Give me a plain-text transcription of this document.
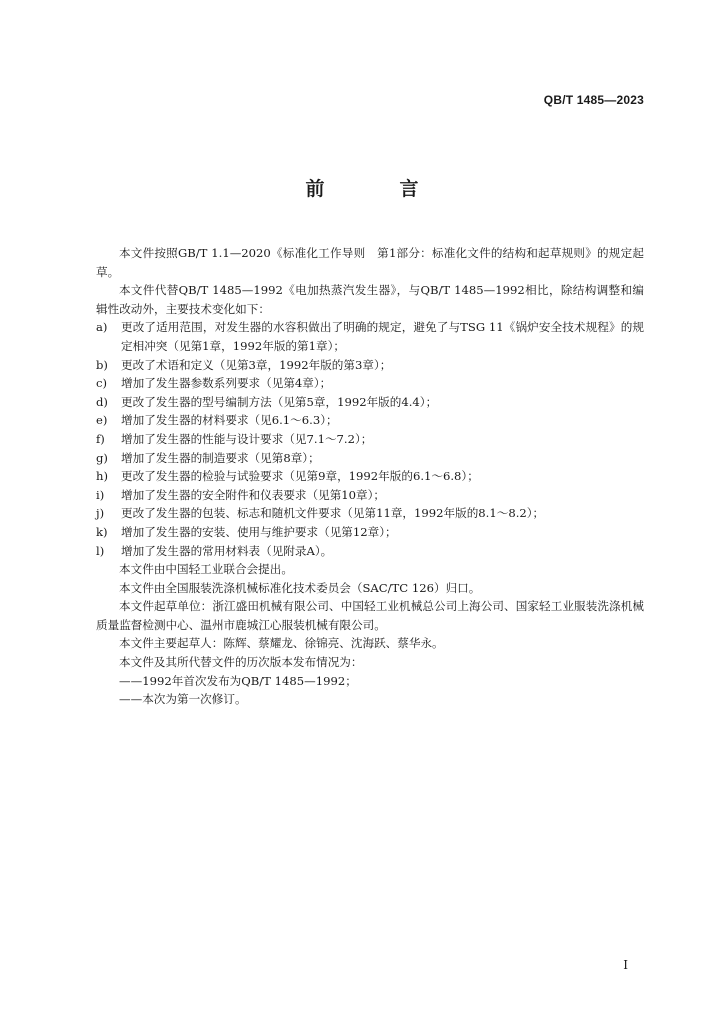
QB/T 1485—2023
前　言

本文件按照GB/T 1.1—2020《标准化工作导则　第1部分：标准化文件的结构和起草规则》的规定起草。

本文件代替QB/T 1485—1992《电加热蒸汽发生器》，与QB/T 1485—1992相比，除结构调整和编辑性改动外，主要技术变化如下：

a)	更改了适用范围，对发生器的水容积做出了明确的规定，避免了与TSG 11《锅炉安全技术规程》的规定相冲突（见第1章，1992年版的第1章）；
b)	更改了术语和定义（见第3章，1992年版的第3章）；
c)	增加了发生器参数系列要求（见第4章）；
d)	更改了发生器的型号编制方法（见第5章，1992年版的4.4）；
e)	增加了发生器的材料要求（见6.1～6.3）；
f)	增加了发生器的性能与设计要求（见7.1～7.2）；
g)	增加了发生器的制造要求（见第8章）；
h)	更改了发生器的检验与试验要求（见第9章，1992年版的6.1～6.8）；
i)	增加了发生器的安全附件和仪表要求（见第10章）；
j)	更改了发生器的包装、标志和随机文件要求（见第11章，1992年版的8.1～8.2）；
k)	增加了发生器的安装、使用与维护要求（见第12章）；
l)	增加了发生器的常用材料表（见附录A）。

本文件由中国轻工业联合会提出。

本文件由全国服装洗涤机械标准化技术委员会（SAC/TC 126）归口。

本文件起草单位：浙江盛田机械有限公司、中国轻工业机械总公司上海公司、国家轻工业服装洗涤机械质量监督检测中心、温州市鹿城江心服装机械有限公司。

本文件主要起草人：陈辉、蔡耀龙、徐锦亮、沈海跃、蔡华永。

本文件及其所代替文件的历次版本发布情况为：

——1992年首次发布为QB/T 1485—1992；

——本次为第一次修订。

I
